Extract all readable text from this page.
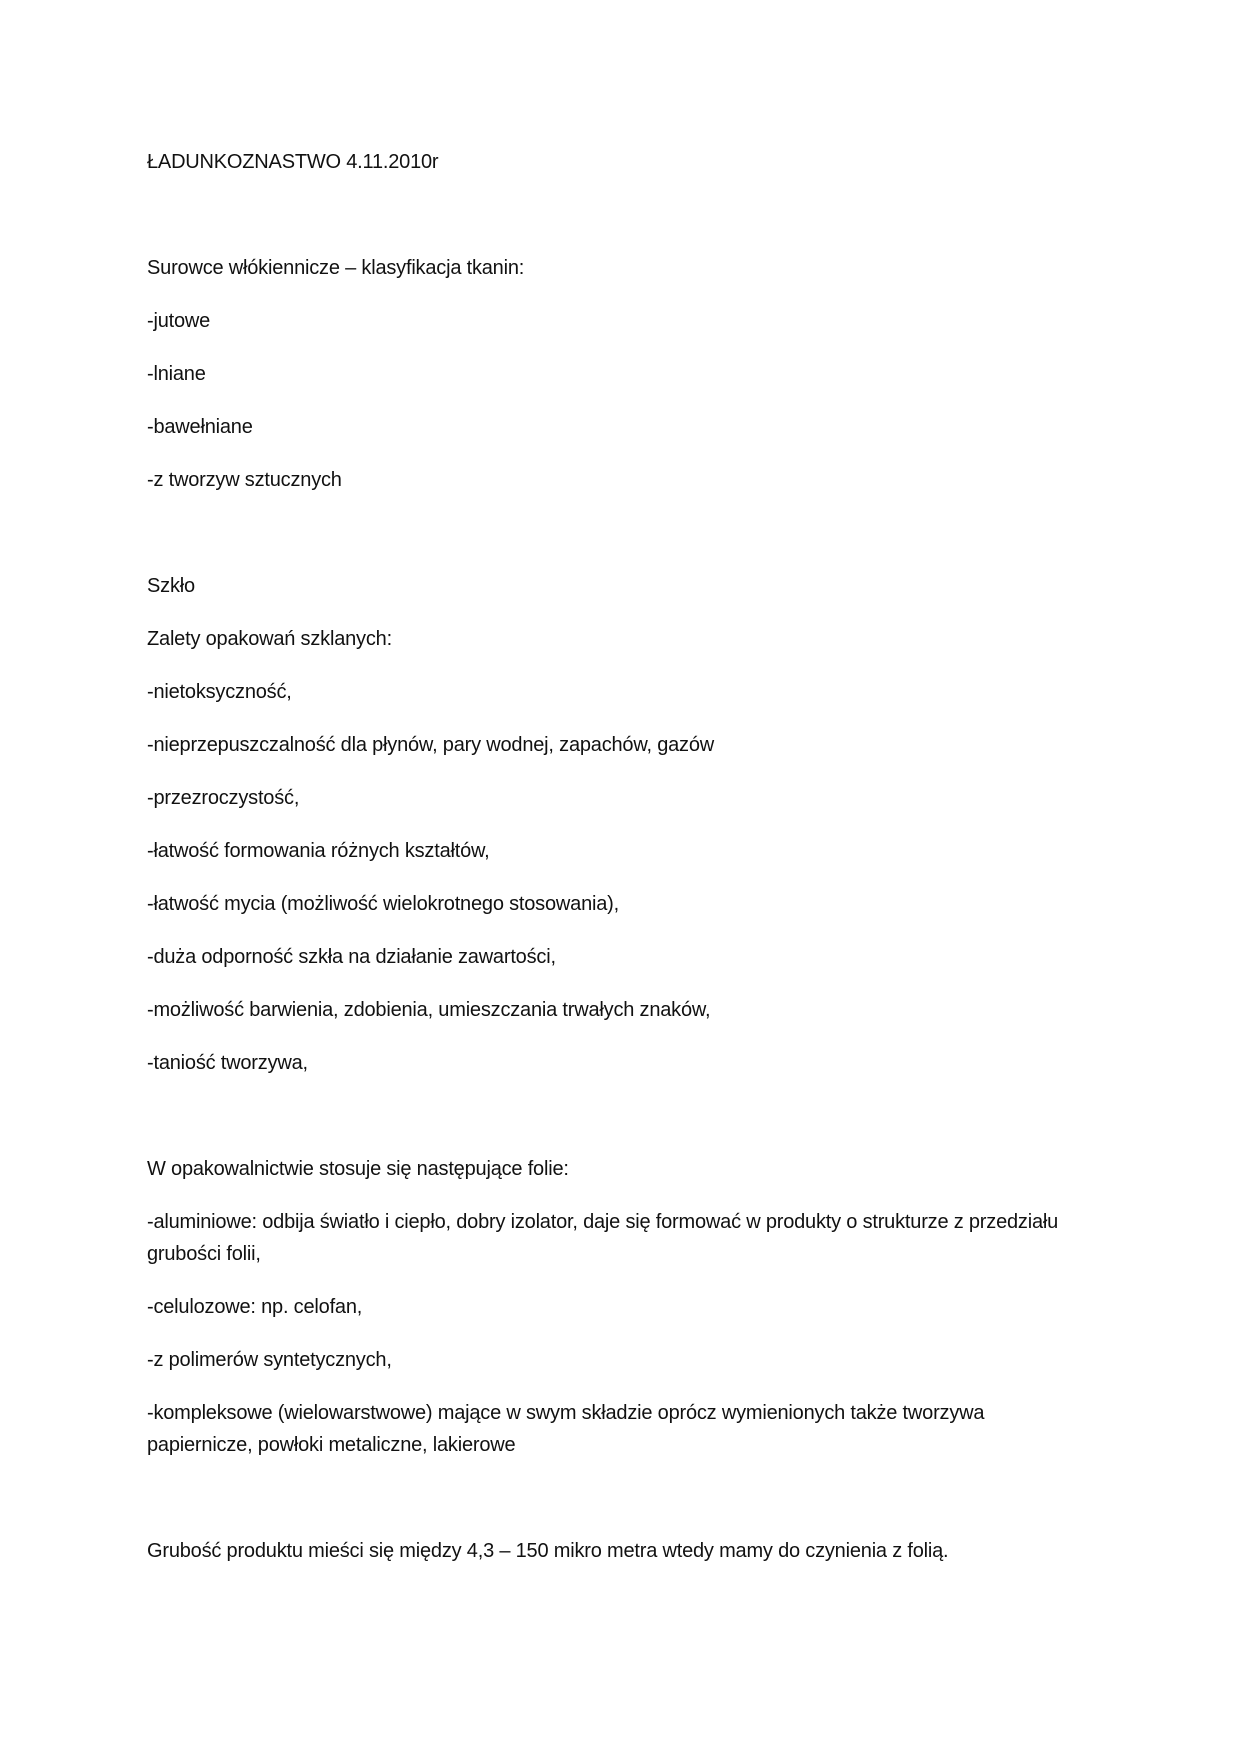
ŁADUNKOZNASTWO 4.11.2010r
Surowce włókiennicze – klasyfikacja tkanin:
-jutowe
-lniane
-bawełniane
-z tworzyw sztucznych
Szkło
Zalety opakowań szklanych:
-nietoksyczność,
-nieprzepuszczalność dla płynów, pary wodnej, zapachów, gazów
-przezroczystość,
-łatwość formowania różnych kształtów,
-łatwość mycia (możliwość wielokrotnego stosowania),
-duża odporność szkła na działanie zawartości,
-możliwość barwienia, zdobienia, umieszczania trwałych znaków,
-taniość tworzywa,
W opakowalnictwie stosuje się następujące folie:
-aluminiowe: odbija światło i ciepło, dobry izolator, daje się formować w produkty o strukturze z przedziału grubości folii,
-celulozowe: np. celofan,
-z polimerów syntetycznych,
-kompleksowe (wielowarstwowe) mające w swym składzie oprócz wymienionych także tworzywa papiernicze, powłoki metaliczne, lakierowe
Grubość produktu mieści się między 4,3 – 150 mikro metra wtedy mamy do czynienia z folią.
